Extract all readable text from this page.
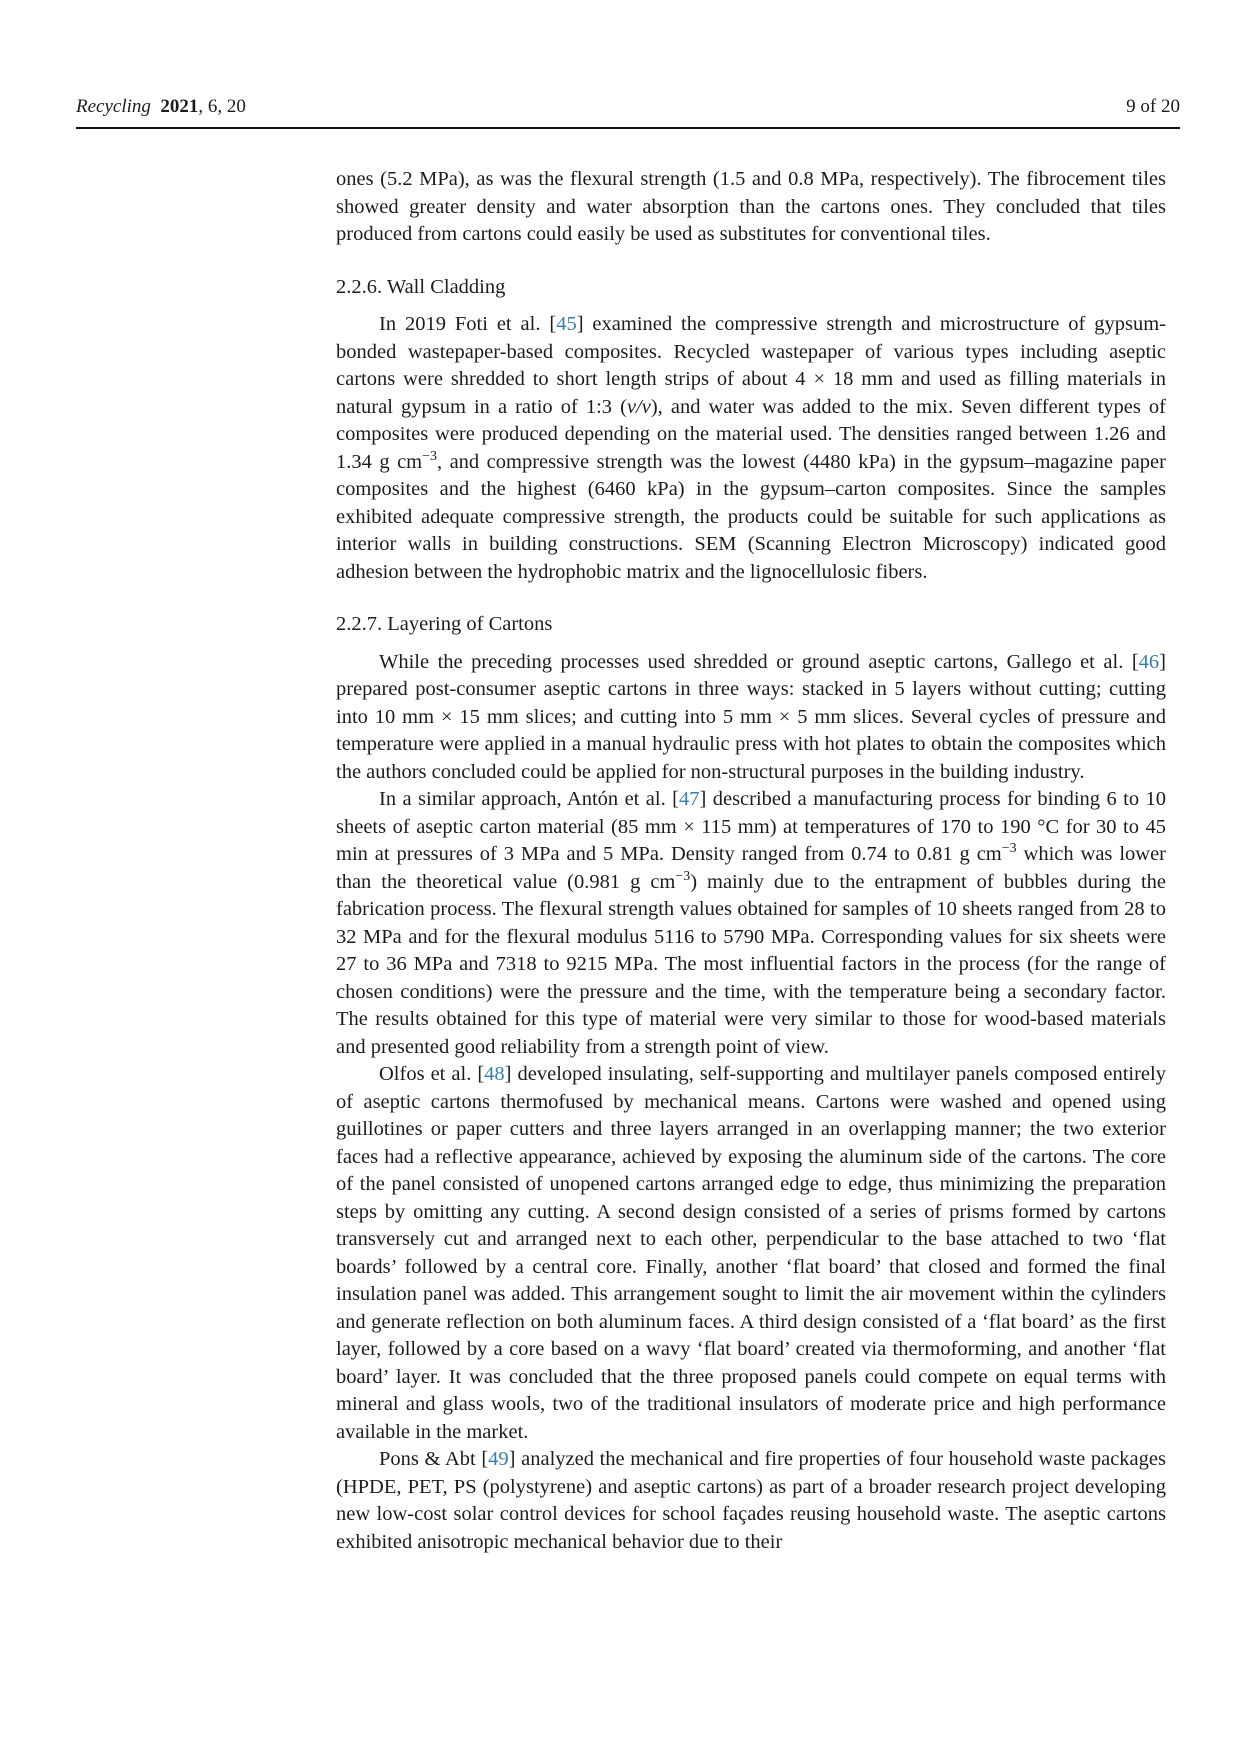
Recycling 2021, 6, 20	9 of 20

ones (5.2 MPa), as was the flexural strength (1.5 and 0.8 MPa, respectively). The fibrocement tiles showed greater density and water absorption than the cartons ones. They concluded that tiles produced from cartons could easily be used as substitutes for conventional tiles.

2.2.6. Wall Cladding

In 2019 Foti et al. [45] examined the compressive strength and microstructure of gypsum-bonded wastepaper-based composites. Recycled wastepaper of various types including aseptic cartons were shredded to short length strips of about 4 × 18 mm and used as filling materials in natural gypsum in a ratio of 1:3 (v/v), and water was added to the mix. Seven different types of composites were produced depending on the material used. The densities ranged between 1.26 and 1.34 g $cm^{-3}$, and compressive strength was the lowest (4480 kPa) in the gypsum–magazine paper composites and the highest (6460 kPa) in the gypsum–carton composites. Since the samples exhibited adequate compressive strength, the products could be suitable for such applications as interior walls in building constructions. SEM (Scanning Electron Microscopy) indicated good adhesion between the hydrophobic matrix and the lignocellulosic fibers.

2.2.7. Layering of Cartons

While the preceding processes used shredded or ground aseptic cartons, Gallego et al. [46] prepared post-consumer aseptic cartons in three ways: stacked in 5 layers without cutting; cutting into 10 mm × 15 mm slices; and cutting into 5 mm × 5 mm slices. Several cycles of pressure and temperature were applied in a manual hydraulic press with hot plates to obtain the composites which the authors concluded could be applied for non-structural purposes in the building industry.

In a similar approach, Antón et al. [47] described a manufacturing process for binding 6 to 10 sheets of aseptic carton material (85 mm × 115 mm) at temperatures of 170 to 190 °C for 30 to 45 min at pressures of 3 MPa and 5 MPa. Density ranged from 0.74 to 0.81 g $cm^{-3}$ which was lower than the theoretical value (0.981 g $cm^{-3}$) mainly due to the entrapment of bubbles during the fabrication process. The flexural strength values obtained for samples of 10 sheets ranged from 28 to 32 MPa and for the flexural modulus 5116 to 5790 MPa. Corresponding values for six sheets were 27 to 36 MPa and 7318 to 9215 MPa. The most influential factors in the process (for the range of chosen conditions) were the pressure and the time, with the temperature being a secondary factor. The results obtained for this type of material were very similar to those for wood-based materials and presented good reliability from a strength point of view.

Olfos et al. [48] developed insulating, self-supporting and multilayer panels composed entirely of aseptic cartons thermofused by mechanical means. Cartons were washed and opened using guillotines or paper cutters and three layers arranged in an overlapping manner; the two exterior faces had a reflective appearance, achieved by exposing the aluminum side of the cartons. The core of the panel consisted of unopened cartons arranged edge to edge, thus minimizing the preparation steps by omitting any cutting. A second design consisted of a series of prisms formed by cartons transversely cut and arranged next to each other, perpendicular to the base attached to two ‘flat boards’ followed by a central core. Finally, another ‘flat board’ that closed and formed the final insulation panel was added. This arrangement sought to limit the air movement within the cylinders and generate reflection on both aluminum faces. A third design consisted of a ‘flat board’ as the first layer, followed by a core based on a wavy ‘flat board’ created via thermoforming, and another ‘flat board’ layer. It was concluded that the three proposed panels could compete on equal terms with mineral and glass wools, two of the traditional insulators of moderate price and high performance available in the market.

Pons & Abt [49] analyzed the mechanical and fire properties of four household waste packages (HPDE, PET, PS (polystyrene) and aseptic cartons) as part of a broader research project developing new low-cost solar control devices for school façades reusing household waste. The aseptic cartons exhibited anisotropic mechanical behavior due to their
